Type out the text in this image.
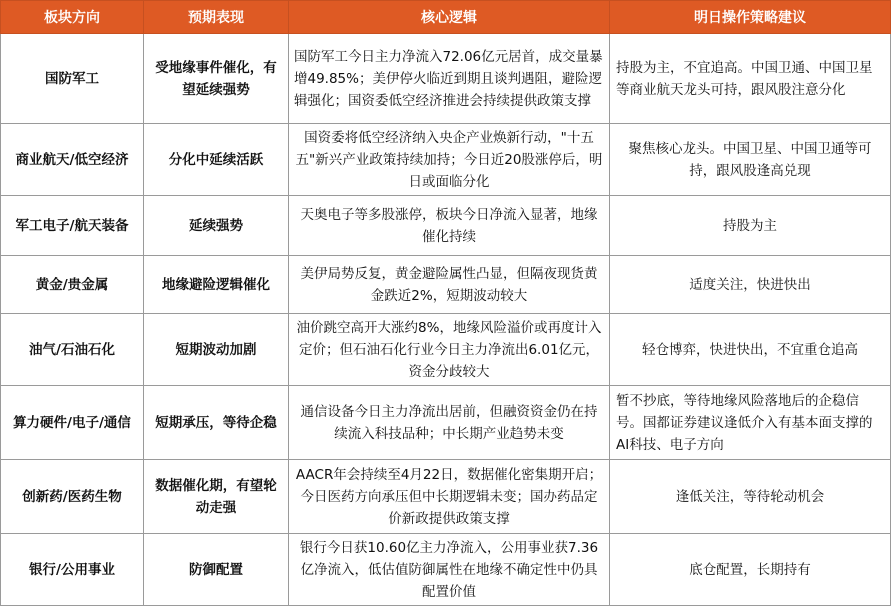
板块方向	预期表现	核心逻辑	明日操作策略建议
国防军工	受地缘事件催化，有望延续强势	国防军工今日主力净流入72.06亿元居首，成交量暴增49.85%；美伊停火临近到期且谈判遇阻，避险逻辑强化；国资委低空经济推进会持续提供政策支撑	持股为主，不宜追高。中国卫通、中国卫星等商业航天龙头可持，跟风股注意分化
商业航天/低空经济	分化中延续活跃	国资委将低空经济纳入央企产业焕新行动，"十五五"新兴产业政策持续加持；今日近20股涨停后，明日或面临分化	聚焦核心龙头。中国卫星、中国卫通等可持，跟风股逢高兑现
军工电子/航天装备	延续强势	天奥电子等多股涨停，板块今日净流入显著，地缘催化持续	持股为主
黄金/贵金属	地缘避险逻辑催化	美伊局势反复，黄金避险属性凸显，但隔夜现货黄金跌近2%，短期波动较大	适度关注，快进快出
油气/石油石化	短期波动加剧	油价跳空高开大涨约8%，地缘风险溢价或再度计入定价；但石油石化行业今日主力净流出6.01亿元，资金分歧较大	轻仓博弈，快进快出，不宜重仓追高
算力硬件/电子/通信	短期承压，等待企稳	通信设备今日主力净流出居前，但融资资金仍在持续流入科技品种；中长期产业趋势未变	暂不抄底，等待地缘风险落地后的企稳信号。国都证券建议逢低介入有基本面支撑的AI科技、电子方向
创新药/医药生物	数据催化期，有望轮动走强	AACR年会持续至4月22日，数据催化密集期开启；今日医药方向承压但中长期逻辑未变；国办药品定价新政提供政策支撑	逢低关注，等待轮动机会
银行/公用事业	防御配置	银行今日获10.60亿主力净流入，公用事业获7.36亿净流入，低估值防御属性在地缘不确定性中仍具配置价值	底仓配置，长期持有
